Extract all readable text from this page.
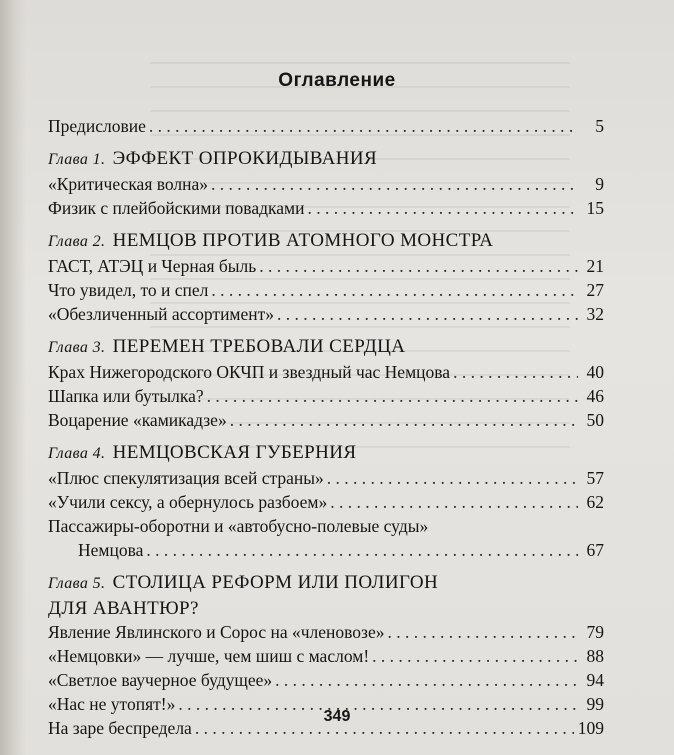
Оглавление
Предисловие . . .	5
Глава 1. ЭФФЕКТ ОПРОКИДЫВАНИЯ
«Критическая волна» . . .	9
Физик с плейбойскими повадками . . .	15
Глава 2. НЕМЦОВ ПРОТИВ АТОМНОГО МОНСТРА
ГАСТ, АТЭЦ и Черная быль . . .	21
Что увидел, то и спел . . .	27
«Обезличенный ассортимент» . . .	32
Глава 3. ПЕРЕМЕН ТРЕБОВАЛИ СЕРДЦА
Крах Нижегородского ОКЧП и звездный час Немцова . . .	40
Шапка или бутылка? . . .	46
Воцарение «камикадзе» . . .	50
Глава 4. НЕМЦОВСКАЯ ГУБЕРНИЯ
«Плюс спекулятизация всей страны» . . .	57
«Учили сексу, а обернулось разбоем» . . .	62
Пассажиры-оборотни и «автобусно-полевые суды»
Немцова . . .	67
Глава 5. СТОЛИЦА РЕФОРМ ИЛИ ПОЛИГОН
ДЛЯ АВАНТЮР?
Явление Явлинского и Сорос на «членовозе» . . .	79
«Немцовки» — лучше, чем шиш с маслом! . . .	88
«Светлое ваучерное будущее» . . .	94
«Нас не утопят!» . . .	99
На заре беспредела . . .	109
349
